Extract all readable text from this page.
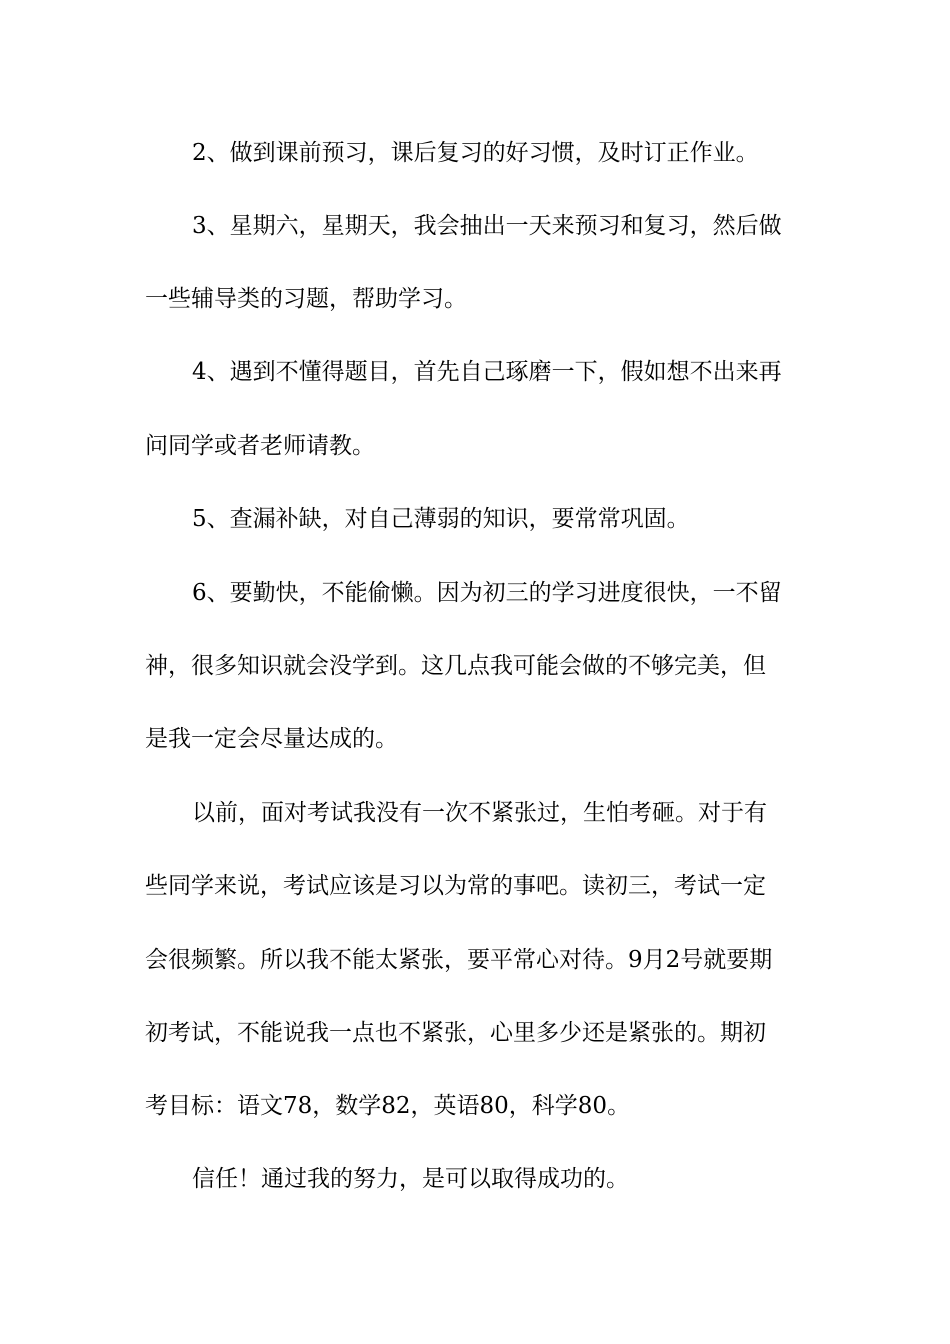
2、做到课前预习，课后复习的好习惯，及时订正作业。
3、星期六，星期天，我会抽出一天来预习和复习，然后做
一些辅导类的习题，帮助学习。
4、遇到不懂得题目，首先自己琢磨一下，假如想不出来再
问同学或者老师请教。
5、查漏补缺，对自己薄弱的知识，要常常巩固。
6、要勤快，不能偷懒。因为初三的学习进度很快，一不留
神，很多知识就会没学到。这几点我可能会做的不够完美，但
是我一定会尽量达成的。
以前，面对考试我没有一次不紧张过，生怕考砸。对于有
些同学来说，考试应该是习以为常的事吧。读初三，考试一定
会很频繁。所以我不能太紧张，要平常心对待。9月2号就要期
初考试，不能说我一点也不紧张，心里多少还是紧张的。期初
考目标：语文78，数学82，英语80，科学80。
信任！通过我的努力，是可以取得成功的。
